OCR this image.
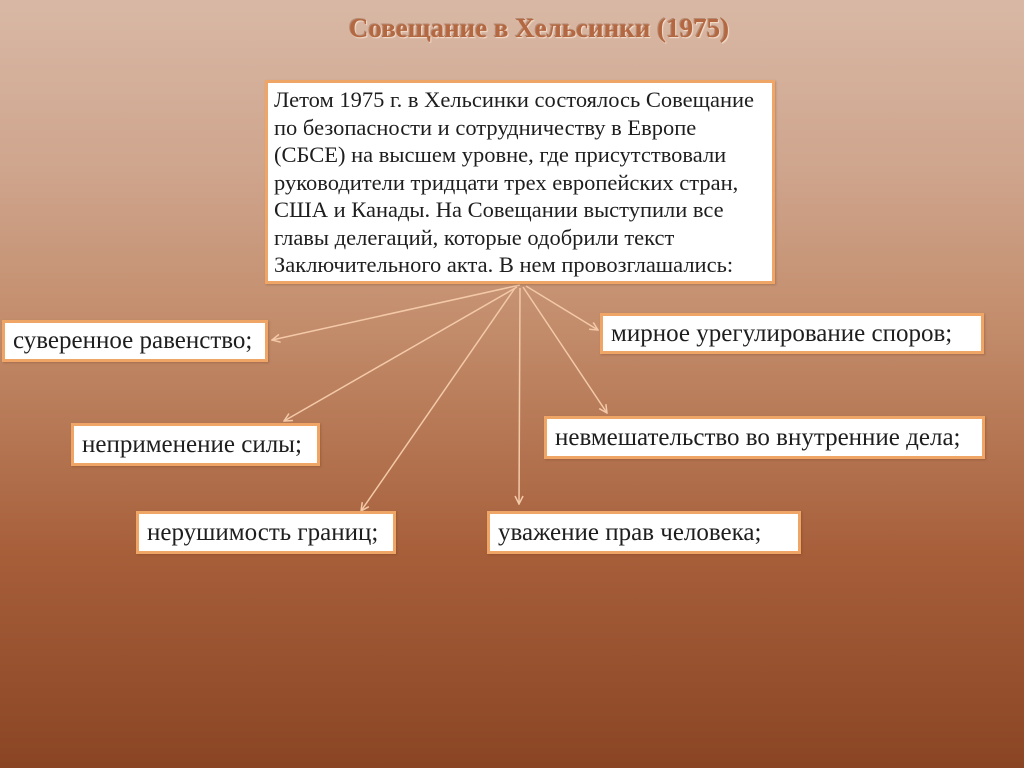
Совещание в Хельсинки (1975)
Летом 1975 г. в Хельсинки состоялось Совещание
по безопасности и сотрудничеству в Европе
(СБСЕ) на высшем уровне, где присутствовали
руководители тридцати трех европейских стран,
США и Канады. На Совещании выступили все
главы делегаций, которые одобрили текст
Заключительного акта. В нем провозглашались:
суверенное равенство;	мирное урегулирование споров;
неприменение силы;	невмешательство во внутренние дела;
нерушимость границ;	уважение прав человека;
